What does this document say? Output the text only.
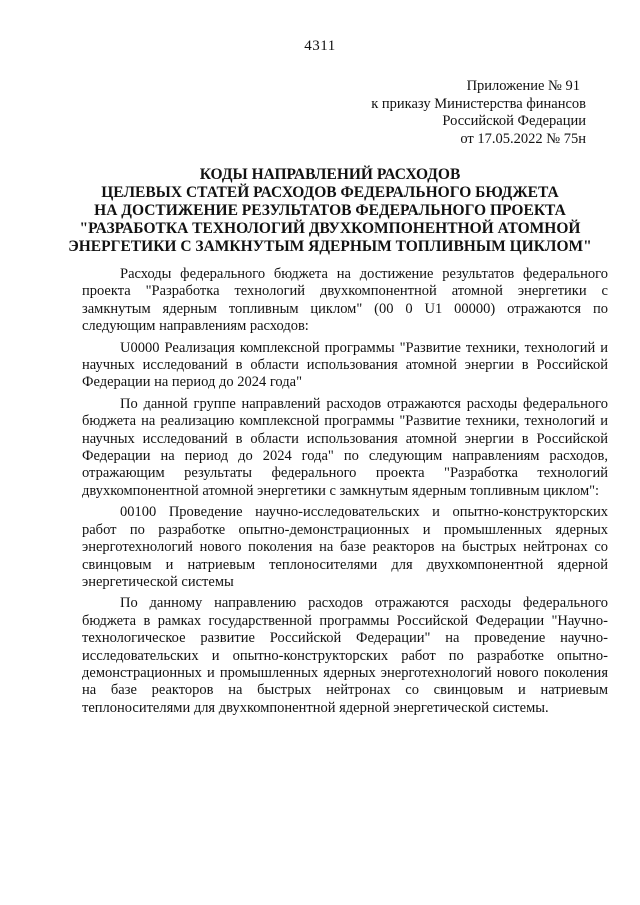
4311
Приложение № 91
к приказу Министерства финансов
Российской Федерации
от 17.05.2022 № 75н
КОДЫ НАПРАВЛЕНИЙ РАСХОДОВ
ЦЕЛЕВЫХ СТАТЕЙ РАСХОДОВ ФЕДЕРАЛЬНОГО БЮДЖЕТА
НА ДОСТИЖЕНИЕ РЕЗУЛЬТАТОВ ФЕДЕРАЛЬНОГО ПРОЕКТА
"РАЗРАБОТКА ТЕХНОЛОГИЙ ДВУХКОМПОНЕНТНОЙ АТОМНОЙ
ЭНЕРГЕТИКИ С ЗАМКНУТЫМ ЯДЕРНЫМ ТОПЛИВНЫМ ЦИКЛОМ"

Расходы федерального бюджета на достижение результатов федерального проекта "Разработка технологий двухкомпонентной атомной энергетики с замкнутым ядерным топливным циклом" (00 0 U1 00000) отражаются по следующим направлениям расходов:

U0000 Реализация комплексной программы "Развитие техники, технологий и научных исследований в области использования атомной энергии в Российской Федерации на период до 2024 года"

По данной группе направлений расходов отражаются расходы федерального бюджета на реализацию комплексной программы "Развитие техники, технологий и научных исследований в области использования атомной энергии в Российской Федерации на период до 2024 года" по следующим направлениям расходов, отражающим результаты федерального проекта "Разработка технологий двухкомпонентной атомной энергетики с замкнутым ядерным топливным циклом":

00100 Проведение научно-исследовательских и опытно-конструкторских работ по разработке опытно-демонстрационных и промышленных ядерных энерготехнологий нового поколения на базе реакторов на быстрых нейтронах со свинцовым и натриевым теплоносителями для двухкомпонентной ядерной энергетической системы

По данному направлению расходов отражаются расходы федерального бюджета в рамках государственной программы Российской Федерации "Научно-технологическое развитие Российской Федерации" на проведение научно-исследовательских и опытно-конструкторских работ по разработке опытно-демонстрационных и промышленных ядерных энерготехнологий нового поколения на базе реакторов на быстрых нейтронах со свинцовым и натриевым теплоносителями для двухкомпонентной ядерной энергетической системы.
